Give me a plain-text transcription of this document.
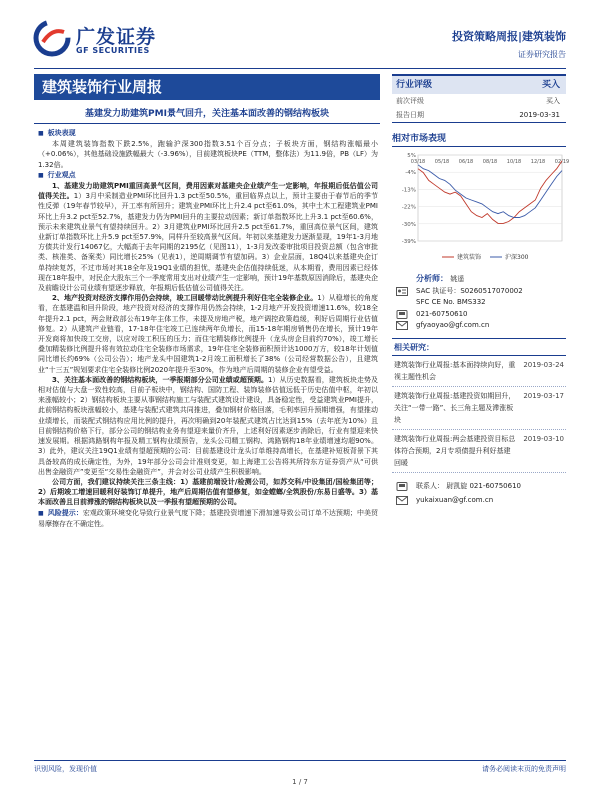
广发证券
GF SECURITIES
投资策略周报|建筑装饰
证券研究报告
建筑装饰行业周报
基建发力助建筑PMI景气回升，关注基本面改善的钢结构板块

■ 板块表现

本周建筑装饰指数下跌2.5%，跑输沪深300指数3.51个百分点；子板块方面，钢结构涨幅最小（+0.06%），其他基础设施跌幅最大（-3.96%），目前建筑板块PE（TTM，整体法）为11.9倍，PB（LF）为1.32倍。

■ 行业观点

1、基建发力助建筑PMI重回高景气区间，费用因素对基建央企业绩产生一定影响，年报期后低估值公司值得关注。1）3月中采制造业PMI环比回升1.3 pct至50.5%，重回临界点以上，预计主要由于春节后的季节性反弹（19年春节较早），开工率有所回升；建筑业PMI环比上升2.4 pct至61.0%，其中土木工程建筑业PMI环比上升3.2 pct至52.7%，基建发力仍为PMI回升的主要拉动因素；新订单指数环比上升3.1 pct至60.6%，预示未来建筑业景气有望持续回升。2）3月建筑业PMI环比回升2.5 pct至61.7%，重回高位景气区间，建筑业新订单指数环比上升5.9 pct至57.9%，同样升至较高景气区间。年初以来基建发力逐渐显现，19年1-3月地方债共计发行14067亿，大幅高于去年同期的2195亿（见图11），1-3月发改委审批项目投资总额（包含审批类、核准类、备案类）同比增长25%（见表1），逆周期调节有望加码。3）企业层面，18Q4以来基建央企订单持续复苏，不过市场对其18全年及19Q1业绩的担忧，基建央企估值持续低迷，从本期看，费用因素已经体现在18年报中，对民企大股东三个一季度常用支出对业绩产生一定影响，预计19年基数原因消除后，基建央企及前瞻设计公司业绩有望逐步释放，年报期后低估值公司值得关注。

2、地产投资对经济支撑作用仍会持续，竣工回暖带动比例提升利好住宅全装修企业。1）从稳增长的角度看，在基建温和回升阶段，地产投资对经济的支撑作用仍然会持续，1-2月地产开发投资增速11.6%，较18全年提升2.1 pct，两会财政部公布19年主体工作，未提及房地产税，地产调控政策趋缓，利好后周期行业估值修复。2）从建筑产业链看，17-18年住宅竣工已连续两年负增长，而15-18年期房销售仍在增长，预计19年开发商将加快竣工交房，以应对竣工积压的压力；而住宅精装修比例提升（龙头房企目前约70%），竣工增长叠加精装修比例提升将有效拉动住宅全装修市场需求，19年住宅全装修面积预计达1000万方，较18年计划值同比增长约69%（公司公告）；地产龙头中国建筑1-2月竣工面积增长了38%（公司经营数据公告），且建筑业“十三五”规划要求住宅全装修比例2020年提升至30%，作为地产后周期的装修企业有望受益。

3、关注基本面改善的钢结构板块，一季报期部分公司业绩或超预期。1）从历史数据看，建筑板块走势及相对估值与大盘一致性较高，目前子板块中，钢结构、国防工程、装饰装修估值远低于历史估值中枢，年初以来涨幅较小；2）钢结构板块主要从事钢结构施工与装配式建筑设计建设，具备稳定性，受益建筑业PMI提升，此前钢结构板块涨幅较小，基建与装配式建筑共同推进，叠加钢材价格回落，毛利率回升预期增强，有望推动业绩增长，而装配式钢结构应用比例的提升，再次明确到20年装配式建筑占比达到15%（去年底为10%）且目前钢结构价格下行，部分公司的钢结构业务有望迎来量价齐升，上述利好因素逐步消除后，行业有望迎来快速发展期。根据鸿路钢构年报及精工钢构业绩预告，龙头公司精工钢构、鸿路钢构18年业绩增速均超90%。3）此外，建议关注19Q1业绩有望超预期的公司：目前基建设计龙头订单维持高增长，在基建补短板背景下其具备较高的成长确定性，为外，19年部分公司会计准则变更，如上海建工公告将其所持东方证券资产从“可供出售金融资产”变更至“交易性金融资产”，并会对公司业绩产生积极影响。

公司方面，我们建议持续关注三条主线：1）基建前端设计/检测公司，如苏交科/中设集团/国检集团等；2）后期竣工增速回暖利好装饰订单提升，地产后周期估值有望修复，如金螳螂/全筑股份/东易日盛等。3）基本面改善且目前滞涨的钢结构板块以及一季报有望超预期的公司。

■ 风险提示：宏观政策环境变化导致行业景气度下降；基建投资增速下滑加速导致公司订单不达预期；中美贸易摩擦存在不确定性。

行业评级	买入
前次评级	买入
报告日期	2019-03-31
相对市场表现
5%
-4%
-13%
-22%
-30%
-39%
03/18 05/18 06/18 08/18 10/18 12/18 02/19
建筑装饰	沪深300
分析师： 姚遥
SAC 执证号：S0260517070002
SFC CE No. BMS332
021-60750610
gfyaoyao@gf.com.cn
相关研究：
建筑装饰行业周报:基本面持续向好，重视主题性机会
2019-03-24
建筑装饰行业周报:基建投资如期回升，关注“一带一路”、长三角主题及滞涨板块
2019-03-17
建筑装饰行业周报:两会基建投资目标总体符合预期，2月专项债提升利好基建回暖
2019-03-10
联系人： 尉凯旋 021-60750610
yukaixuan@gf.com.cn
识别风险，发现价值	请务必阅读末页的免责声明
1 / 7
